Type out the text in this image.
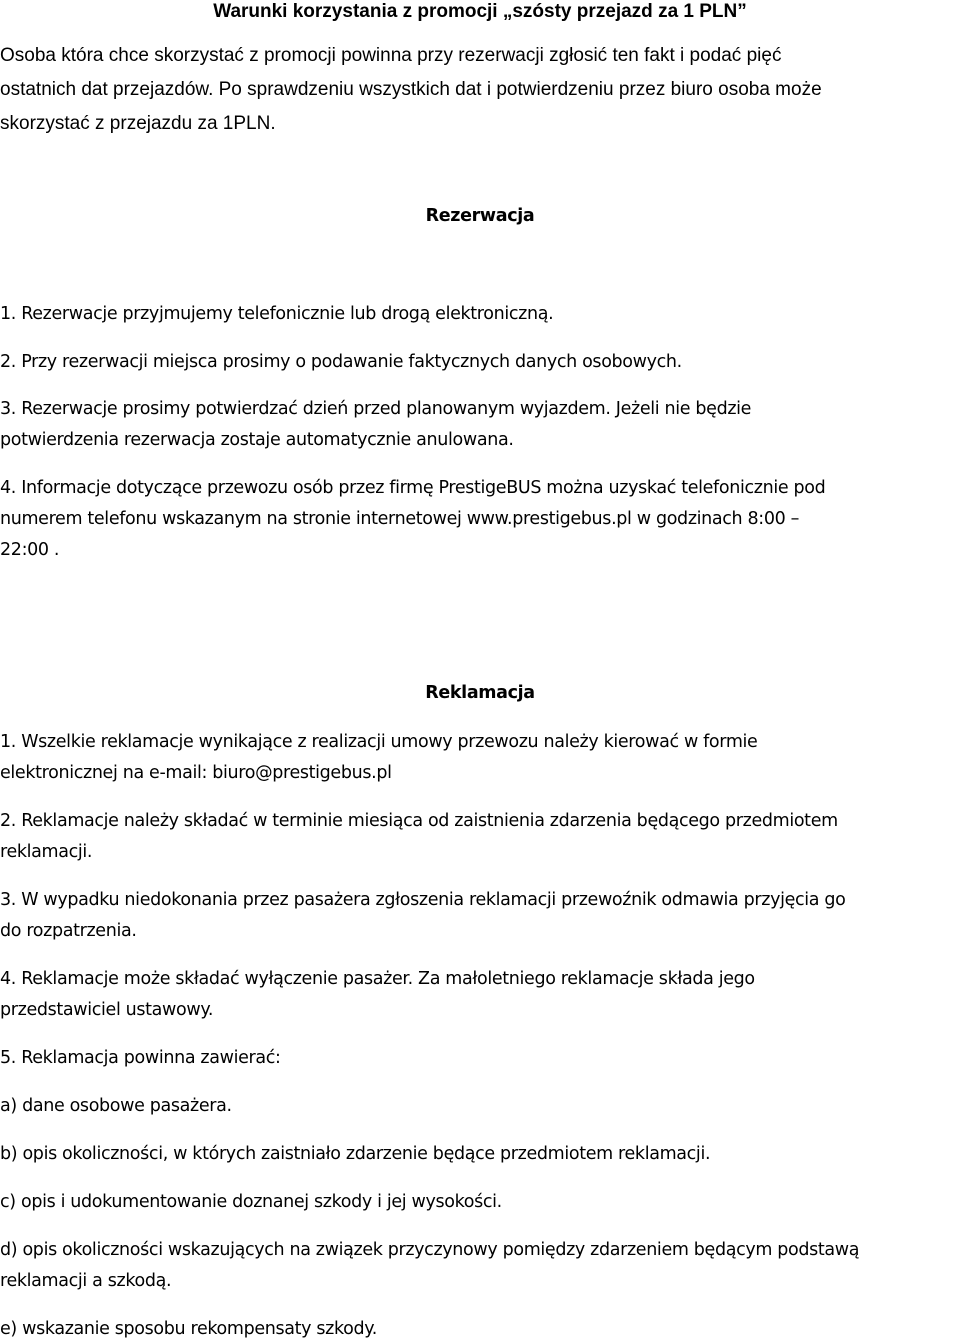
Warunki korzystania z promocji „szósty przejazd za 1 PLN”

Osoba która chce skorzystać z promocji powinna przy rezerwacji zgłosić ten fakt i podać pięć

ostatnich dat przejazdów. Po sprawdzeniu wszystkich dat i potwierdzeniu przez biuro osoba może

skorzystać z przejazdu za 1PLN.

Rezerwacja

1. Rezerwacje przyjmujemy telefonicznie lub drogą elektroniczną.

2. Przy rezerwacji miejsca prosimy o podawanie faktycznych danych osobowych.

3. Rezerwacje prosimy potwierdzać dzień przed planowanym wyjazdem. Jeżeli nie będzie

potwierdzenia rezerwacja zostaje automatycznie anulowana.

4. Informacje dotyczące przewozu osób przez firmę PrestigeBUS można uzyskać telefonicznie pod

numerem telefonu wskazanym na stronie internetowej www.prestigebus.pl w godzinach 8:00 –

22:00 .

Reklamacja

1. Wszelkie reklamacje wynikające z realizacji umowy przewozu należy kierować w formie

elektronicznej na e-mail: biuro@prestigebus.pl

2. Reklamacje należy składać w terminie miesiąca od zaistnienia zdarzenia będącego przedmiotem

reklamacji.

3. W wypadku niedokonania przez pasażera zgłoszenia reklamacji przewoźnik odmawia przyjęcia go

do rozpatrzenia.

4. Reklamacje może składać wyłączenie pasażer. Za małoletniego reklamacje składa jego

przedstawiciel ustawowy.

5. Reklamacja powinna zawierać:

a) dane osobowe pasażera.

b) opis okoliczności, w których zaistniało zdarzenie będące przedmiotem reklamacji.

c) opis i udokumentowanie doznanej szkody i jej wysokości.

d) opis okoliczności wskazujących na związek przyczynowy pomiędzy zdarzeniem będącym podstawą

reklamacji a szkodą.

e) wskazanie sposobu rekompensaty szkody.
